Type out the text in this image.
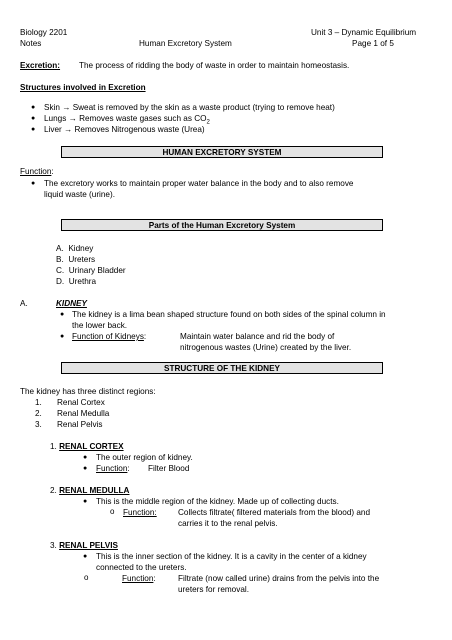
Biology 2201	Unit 3 – Dynamic Equilibrium
Notes	Human Excretory System	Page 1 of 5
Excretion: The process of ridding the body of waste in order to maintain homeostasis.
Structures involved in Excretion
● Skin → Sweat is removed by the skin as a waste product (trying to remove heat)
● Lungs → Removes waste gases such as $CO_2$
● Liver → Removes Nitrogenous waste (Urea)
HUMAN EXCRETORY SYSTEM
Function:
● The excretory works to maintain proper water balance in the body and to also remove
liquid waste (urine).
Parts of the Human Excretory System
A. Kidney
B. Ureters
C. Urinary Bladder
D. Urethra
A.	KIDNEY
● The kidney is a lima bean shaped structure found on both sides of the spinal column in
the lower back.
● Function of Kidneys:	Maintain water balance and rid the body of
nitrogenous wastes (Urine) created by the liver.
STRUCTURE OF THE KIDNEY
The kidney has three distinct regions:
1. Renal Cortex
2. Renal Medulla
3. Renal Pelvis
1. RENAL CORTEX
● The outer region of kidney.
● Function: Filter Blood
2. RENAL MEDULLA
● This is the middle region of the kidney. Made up of collecting ducts.
o Function:	Collects filtrate( filtered materials from the blood) and
carries it to the renal pelvis.
3. RENAL PELVIS
● This is the inner section of the kidney. It is a cavity in the center of a kidney
connected to the ureters.
o	Function:	Filtrate (now called urine) drains from the pelvis into the
ureters for removal.
